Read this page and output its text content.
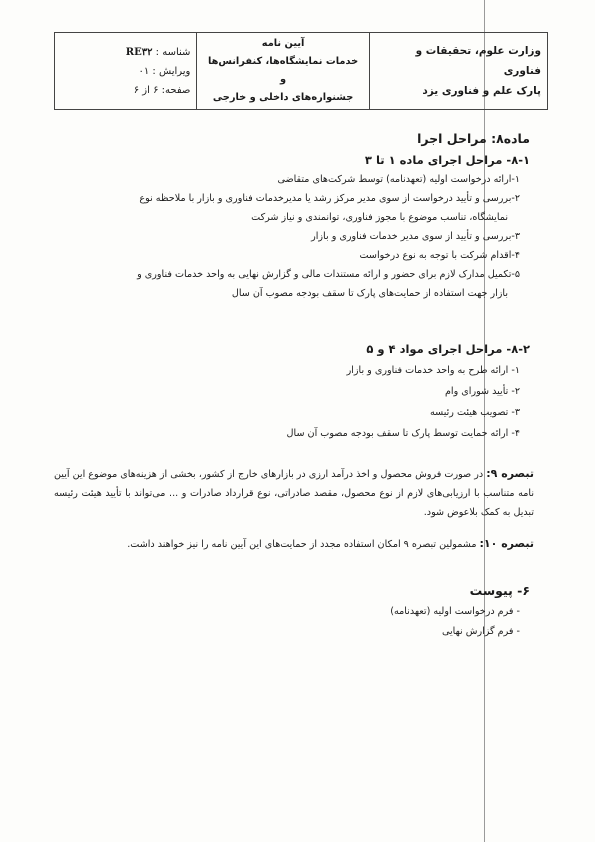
وزارت علوم، تحقیقات و فناوری
پارک علم و فناوری یزد

آیین نامه
خدمات نمایشگاه‌ها، کنفرانس‌ها و
جشنواره‌های داخلی و خارجی

شناسه : RE۳۲
ویرایش : ۰۱
صفحه: ۶ از ۶
ماده۸: مراحل اجرا
۸-۱- مراحل اجرای ماده ۱ تا ۳
۱-ارائه درخواست اولیه (تعهدنامه) توسط شرکت‌های متقاضی
۲-بررسی و تأیید درخواست از سوی مدیر مرکز رشد یا مدیرخدمات فناوری و بازار با ملاحظه نوع
نمایشگاه، تناسب موضوع با مجوز فناوری، توانمندی و نیاز شرکت
۳-بررسی و تأیید از سوی مدیر خدمات فناوری و بازار
۴-اقدام شرکت با توجه به نوع درخواست
۵-تکمیل مدارک لازم برای حضور و ارائه مستندات مالی و گزارش نهایی به واحد خدمات فناوری و
بازار جهت استفاده از حمایت‌های پارک تا سقف بودجه مصوب آن سال
۸-۲- مراحل اجرای مواد ۴ و ۵
۱- ارائه طرح به واحد خدمات فناوری و بازار
۲- تأیید شورای وام
۳- تصویب هیئت رئیسه
۴- ارائه حمایت توسط پارک تا سقف بودجه مصوب آن سال
تبصره ۹: در صورت فروش محصول و اخذ درآمد ارزی در بازارهای خارج از کشور، بخشی از هزینه‌های موضوع این آیین نامه متناسب با ارزیابی‌های لازم از نوع محصول، مقصد صادراتی، نوع قرارداد صادرات و ... می‌تواند با تأیید هیئت رئیسه تبدیل به کمک بلاعوض شود.
تبصره ۱۰: مشمولین تبصره ۹ امکان استفاده مجدد از حمایت‌های این آیین نامه را نیز خواهند داشت.
۶- پیوست
- فرم درخواست اولیه (تعهدنامه)
- فرم گزارش نهایی
